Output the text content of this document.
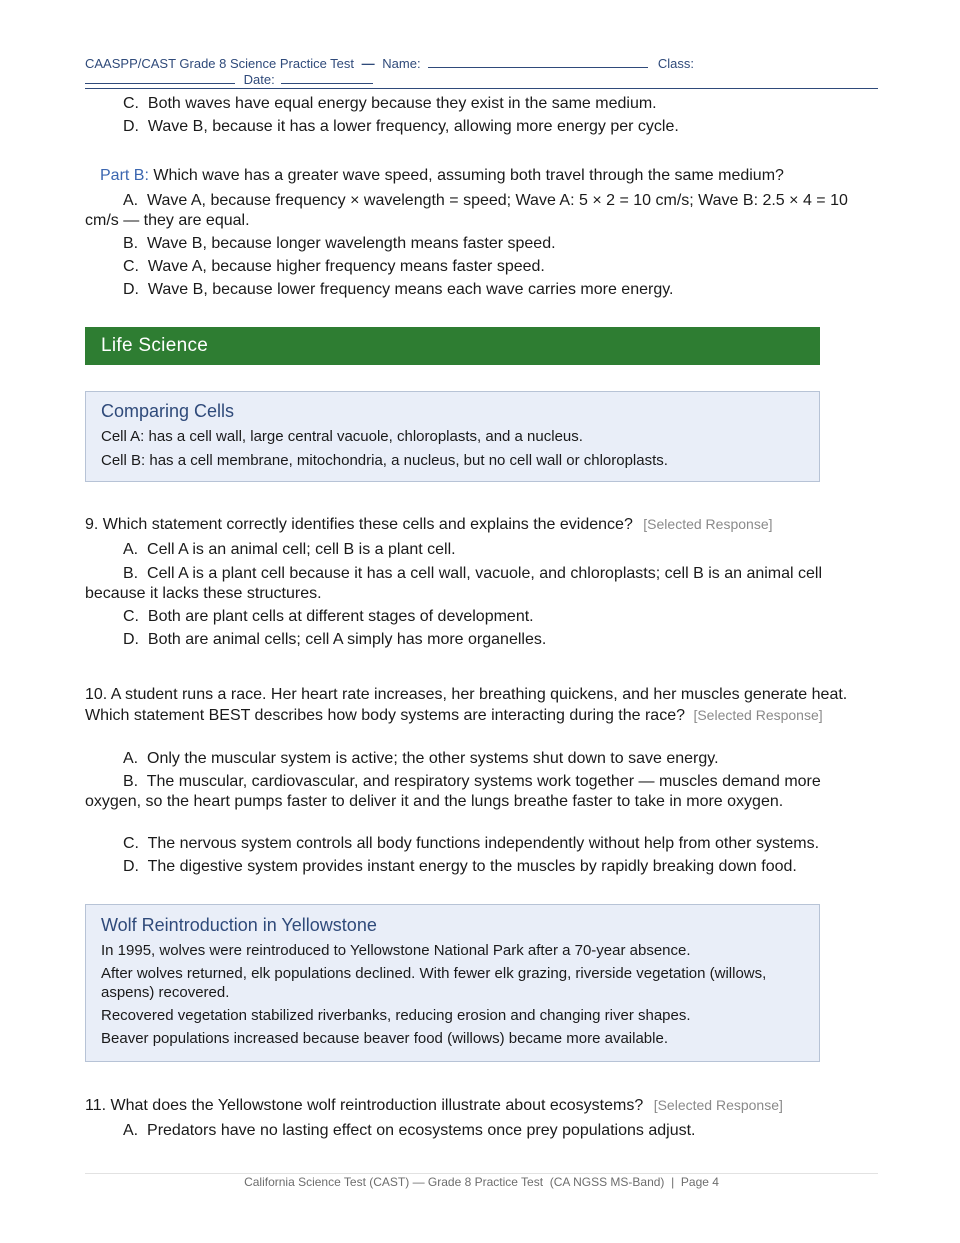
CAASPP/CAST Grade 8 Science Practice Test — Name:	Class:
Date:
C. Both waves have equal energy because they exist in the same medium.
D. Wave B, because it has a lower frequency, allowing more energy per cycle.
Part B: Which wave has a greater wave speed, assuming both travel through the same medium?
A. Wave A, because frequency × wavelength = speed; Wave A: 5 × 2 = 10 cm/s; Wave B: 2.5 × 4 = 10 cm/s — they are equal.
B. Wave B, because longer wavelength means faster speed.
C. Wave A, because higher frequency means faster speed.
D. Wave B, because lower frequency means each wave carries more energy.
Life Science
Comparing Cells
Cell A: has a cell wall, large central vacuole, chloroplasts, and a nucleus.
Cell B: has a cell membrane, mitochondria, a nucleus, but no cell wall or chloroplasts.
9. Which statement correctly identifies these cells and explains the evidence? [Selected Response]
A. Cell A is an animal cell; cell B is a plant cell.
B. Cell A is a plant cell because it has a cell wall, vacuole, and chloroplasts; cell B is an animal cell because it lacks these structures.
C. Both are plant cells at different stages of development.
D. Both are animal cells; cell A simply has more organelles.
10. A student runs a race. Her heart rate increases, her breathing quickens, and her muscles generate heat. Which statement BEST describes how body systems are interacting during the race? [Selected Response]
A. Only the muscular system is active; the other systems shut down to save energy.
B. The muscular, cardiovascular, and respiratory systems work together — muscles demand more oxygen, so the heart pumps faster to deliver it and the lungs breathe faster to take in more oxygen.
C. The nervous system controls all body functions independently without help from other systems.
D. The digestive system provides instant energy to the muscles by rapidly breaking down food.
Wolf Reintroduction in Yellowstone
In 1995, wolves were reintroduced to Yellowstone National Park after a 70-year absence.
After wolves returned, elk populations declined. With fewer elk grazing, riverside vegetation (willows, aspens) recovered.
Recovered vegetation stabilized riverbanks, reducing erosion and changing river shapes.
Beaver populations increased because beaver food (willows) became more available.
11. What does the Yellowstone wolf reintroduction illustrate about ecosystems? [Selected Response]
A. Predators have no lasting effect on ecosystems once prey populations adjust.
California Science Test (CAST) — Grade 8 Practice Test  (CA NGSS MS-Band)  |  Page 4
